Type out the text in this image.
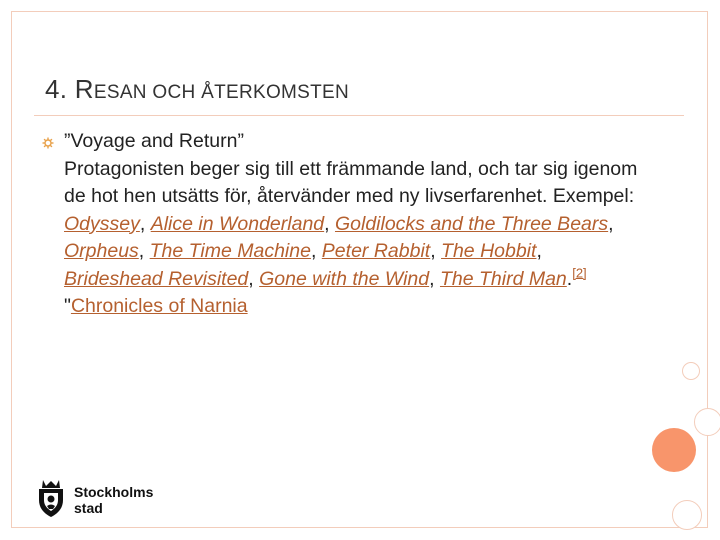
4. RESAN OCH ÅTERKOMSTEN
”Voyage and Return”
Protagonisten beger sig till ett främmande land, och tar sig igenom de hot hen utsätts för, återvänder med ny livserfarenhet. Exempel: Odyssey, Alice in Wonderland, Goldilocks and the Three Bears, Orpheus, The Time Machine, Peter Rabbit, The Hobbit, Brideshead Revisited, Gone with the Wind, The Third Man.[2] "Chronicles of Narnia
Stockholms
stad
